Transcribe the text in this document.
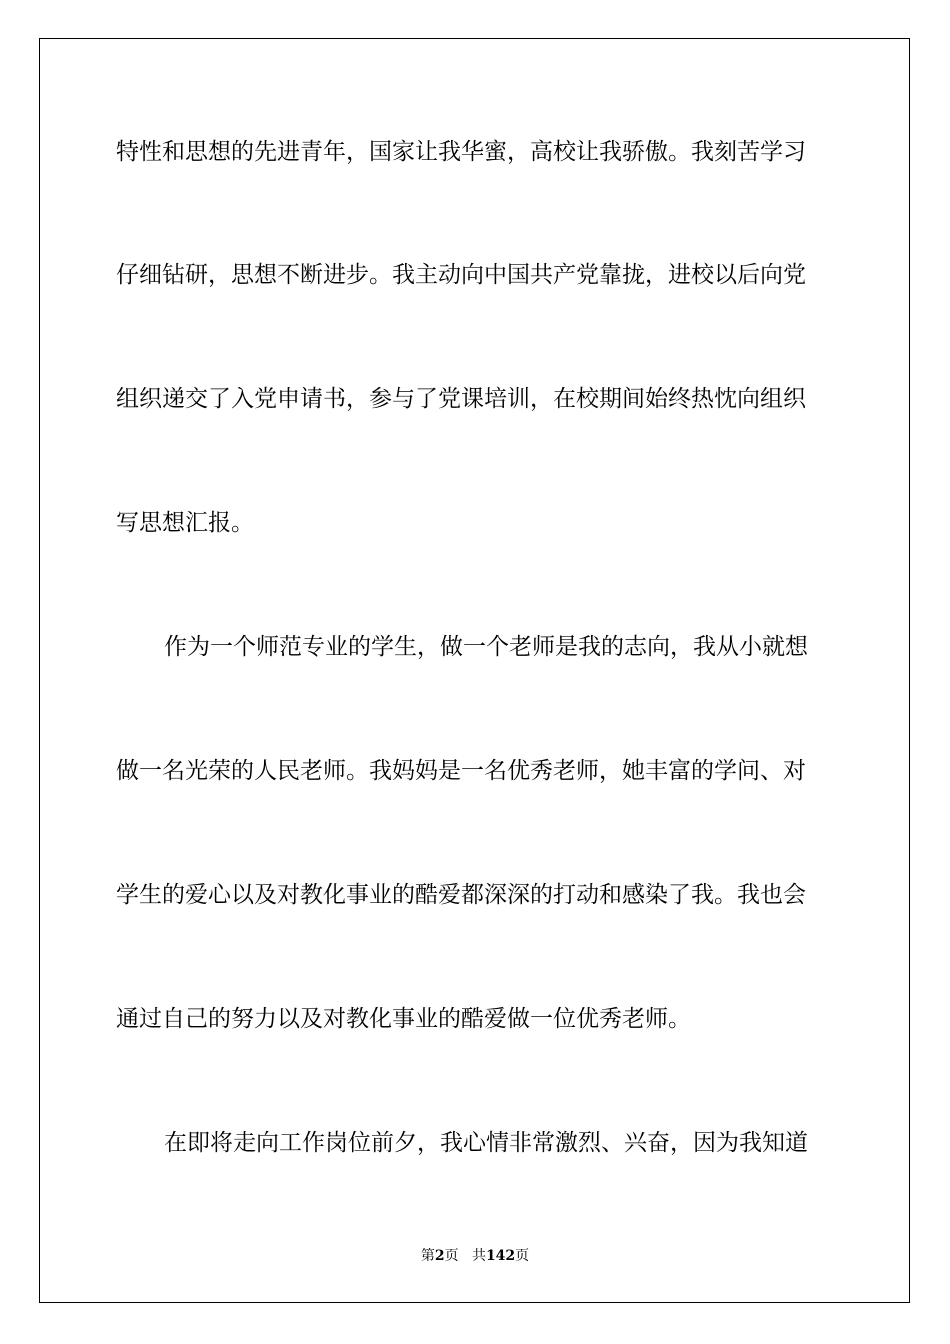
特性和思想的先进青年，国家让我华蜜，高校让我骄傲。我刻苦学习
仔细钻研，思想不断进步。我主动向中国共产党靠拢，进校以后向党
组织递交了入党申请书，参与了党课培训，在校期间始终热忱向组织
写思想汇报。
作为一个师范专业的学生，做一个老师是我的志向，我从小就想
做一名光荣的人民老师。我妈妈是一名优秀老师，她丰富的学问、对
学生的爱心以及对教化事业的酷爱都深深的打动和感染了我。我也会
通过自己的努力以及对教化事业的酷爱做一位优秀老师。
在即将走向工作岗位前夕，我心情非常激烈、兴奋，因为我知道
第2页 共142页
